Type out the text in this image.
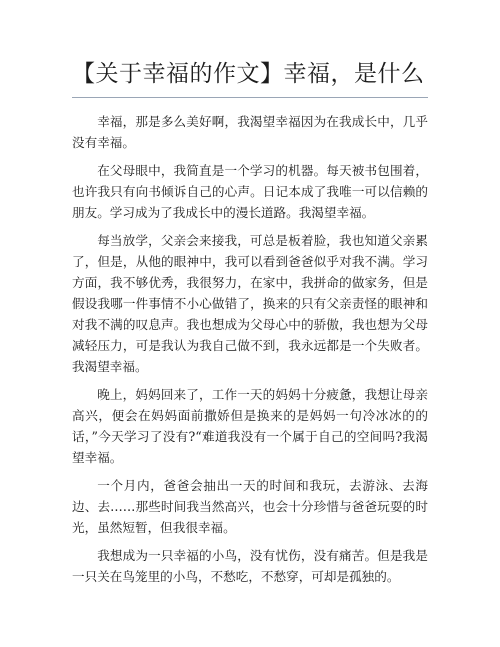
【关于幸福的作文】幸福，是什么

幸福，那是多么美好啊，我渴望幸福因为在我成长中，几乎没有幸福。

在父母眼中，我简直是一个学习的机器。每天被书包围着，也许我只有向书倾诉自己的心声。日记本成了我唯一可以信赖的朋友。学习成为了我成长中的漫长道路。我渴望幸福。

每当放学，父亲会来接我，可总是板着脸，我也知道父亲累了，但是，从他的眼神中，我可以看到爸爸似乎对我不满。学习方面，我不够优秀，我很努力，在家中，我拼命的做家务，但是假设我哪一件事情不小心做错了，换来的只有父亲责怪的眼神和对我不满的叹息声。我也想成为父母心中的骄傲，我也想为父母减轻压力，可是我认为我自己做不到，我永远都是一个失败者。我渴望幸福。

晚上，妈妈回来了，工作一天的妈妈十分疲惫，我想让母亲高兴，便会在妈妈面前撒娇但是换来的是妈妈一句冷冰冰的的话，”今天学习了没有?“难道我没有一个属于自己的空间吗?我渴望幸福。

一个月内，爸爸会抽出一天的时间和我玩，去游泳、去海边、去……那些时间我当然高兴，也会十分珍惜与爸爸玩耍的时光，虽然短暂，但我很幸福。

我想成为一只幸福的小鸟，没有忧伤，没有痛苦。但是我是一只关在鸟笼里的小鸟，不愁吃，不愁穿，可却是孤独的。
